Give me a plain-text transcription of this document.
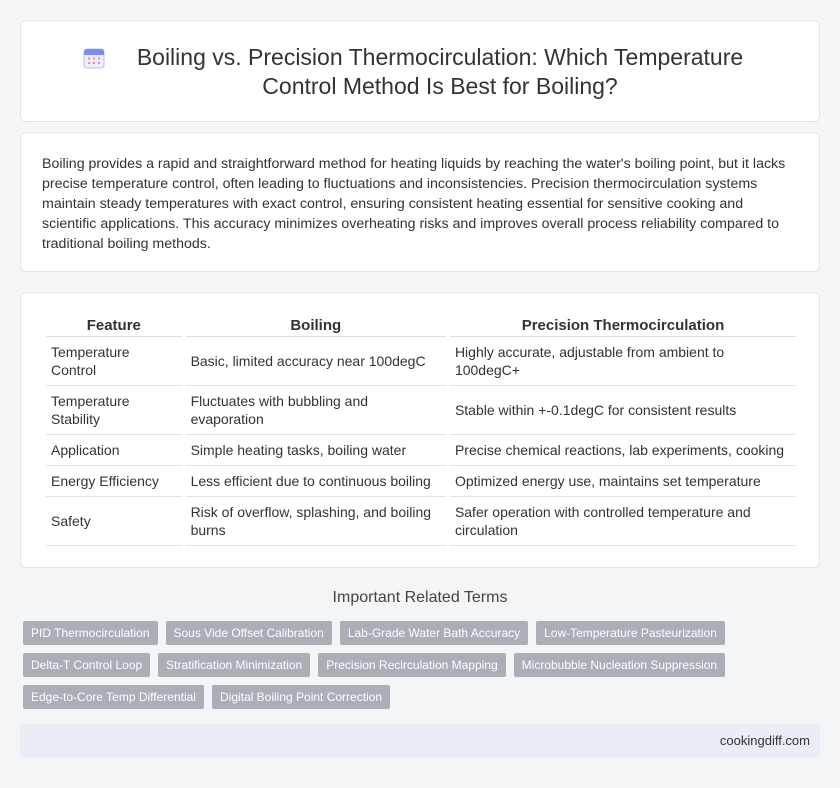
Boiling vs. Precision Thermocirculation: Which Temperature Control Method Is Best for Boiling?

Boiling provides a rapid and straightforward method for heating liquids by reaching the water's boiling point, but it lacks precise temperature control, often leading to fluctuations and inconsistencies. Precision thermocirculation systems maintain steady temperatures with exact control, ensuring consistent heating essential for sensitive cooking and scientific applications. This accuracy minimizes overheating risks and improves overall process reliability compared to traditional boiling methods.

Feature	Boiling	Precision Thermocirculation
Temperature Control	Basic, limited accuracy near 100degC	Highly accurate, adjustable from ambient to 100degC+
Temperature Stability	Fluctuates with bubbling and evaporation	Stable within +-0.1degC for consistent results
Application	Simple heating tasks, boiling water	Precise chemical reactions, lab experiments, cooking
Energy Efficiency	Less efficient due to continuous boiling	Optimized energy use, maintains set temperature
Safety	Risk of overflow, splashing, and boiling burns	Safer operation with controlled temperature and circulation
Important Related Terms
PID Thermocirculation	Sous Vide Offset Calibration	Lab-Grade Water Bath Accuracy	Low-Temperature Pasteurization
Delta-T Control Loop	Stratification Minimization	Precision Recirculation Mapping	Microbubble Nucleation Suppression
Edge-to-Core Temp Differential	Digital Boiling Point Correction
cookingdiff.com
